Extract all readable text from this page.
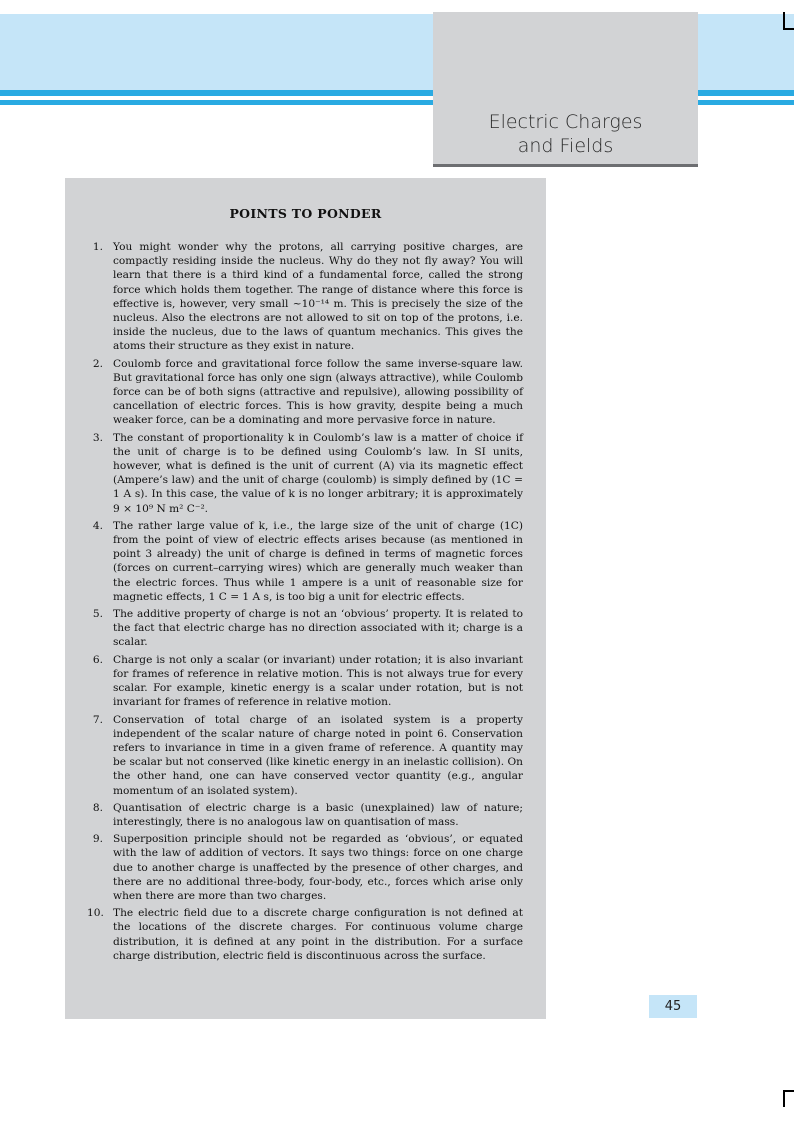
Electric Charges
and Fields
POINTS TO PONDER
1. You might wonder why the protons, all carrying positive charges, are compactly residing inside the nucleus. Why do they not fly away? You will learn that there is a third kind of a fundamental force, called the strong force which holds them together. The range of distance where this force is effective is, however, very small ~10⁻¹⁴ m. This is precisely the size of the nucleus. Also the electrons are not allowed to sit on top of the protons, i.e. inside the nucleus, due to the laws of quantum mechanics. This gives the atoms their structure as they exist in nature.
2. Coulomb force and gravitational force follow the same inverse-square law. But gravitational force has only one sign (always attractive), while Coulomb force can be of both signs (attractive and repulsive), allowing possibility of cancellation of electric forces. This is how gravity, despite being a much weaker force, can be a dominating and more pervasive force in nature.
3. The constant of proportionality k in Coulomb’s law is a matter of choice if the unit of charge is to be defined using Coulomb’s law. In SI units, however, what is defined is the unit of current (A) via its magnetic effect (Ampere’s law) and the unit of charge (coulomb) is simply defined by (1C = 1 A s). In this case, the value of k is no longer arbitrary; it is approximately 9 × 10⁹ N m² C⁻².
4. The rather large value of k, i.e., the large size of the unit of charge (1C) from the point of view of electric effects arises because (as mentioned in point 3 already) the unit of charge is defined in terms of magnetic forces (forces on current–carrying wires) which are generally much weaker than the electric forces. Thus while 1 ampere is a unit of reasonable size for magnetic effects, 1 C = 1 A s, is too big a unit for electric effects.
5. The additive property of charge is not an ‘obvious’ property. It is related to the fact that electric charge has no direction associated with it; charge is a scalar.
6. Charge is not only a scalar (or invariant) under rotation; it is also invariant for frames of reference in relative motion. This is not always true for every scalar. For example, kinetic energy is a scalar under rotation, but is not invariant for frames of reference in relative motion.
7. Conservation of total charge of an isolated system is a property independent of the scalar nature of charge noted in point 6. Conservation refers to invariance in time in a given frame of reference. A quantity may be scalar but not conserved (like kinetic energy in an inelastic collision). On the other hand, one can have conserved vector quantity (e.g., angular momentum of an isolated system).
8. Quantisation of electric charge is a basic (unexplained) law of nature; interestingly, there is no analogous law on quantisation of mass.
9. Superposition principle should not be regarded as ‘obvious’, or equated with the law of addition of vectors. It says two things: force on one charge due to another charge is unaffected by the presence of other charges, and there are no additional three-body, four-body, etc., forces which arise only when there are more than two charges.
10. The electric field due to a discrete charge configuration is not defined at the locations of the discrete charges. For continuous volume charge distribution, it is defined at any point in the distribution. For a surface charge distribution, electric field is discontinuous across the surface.
45
